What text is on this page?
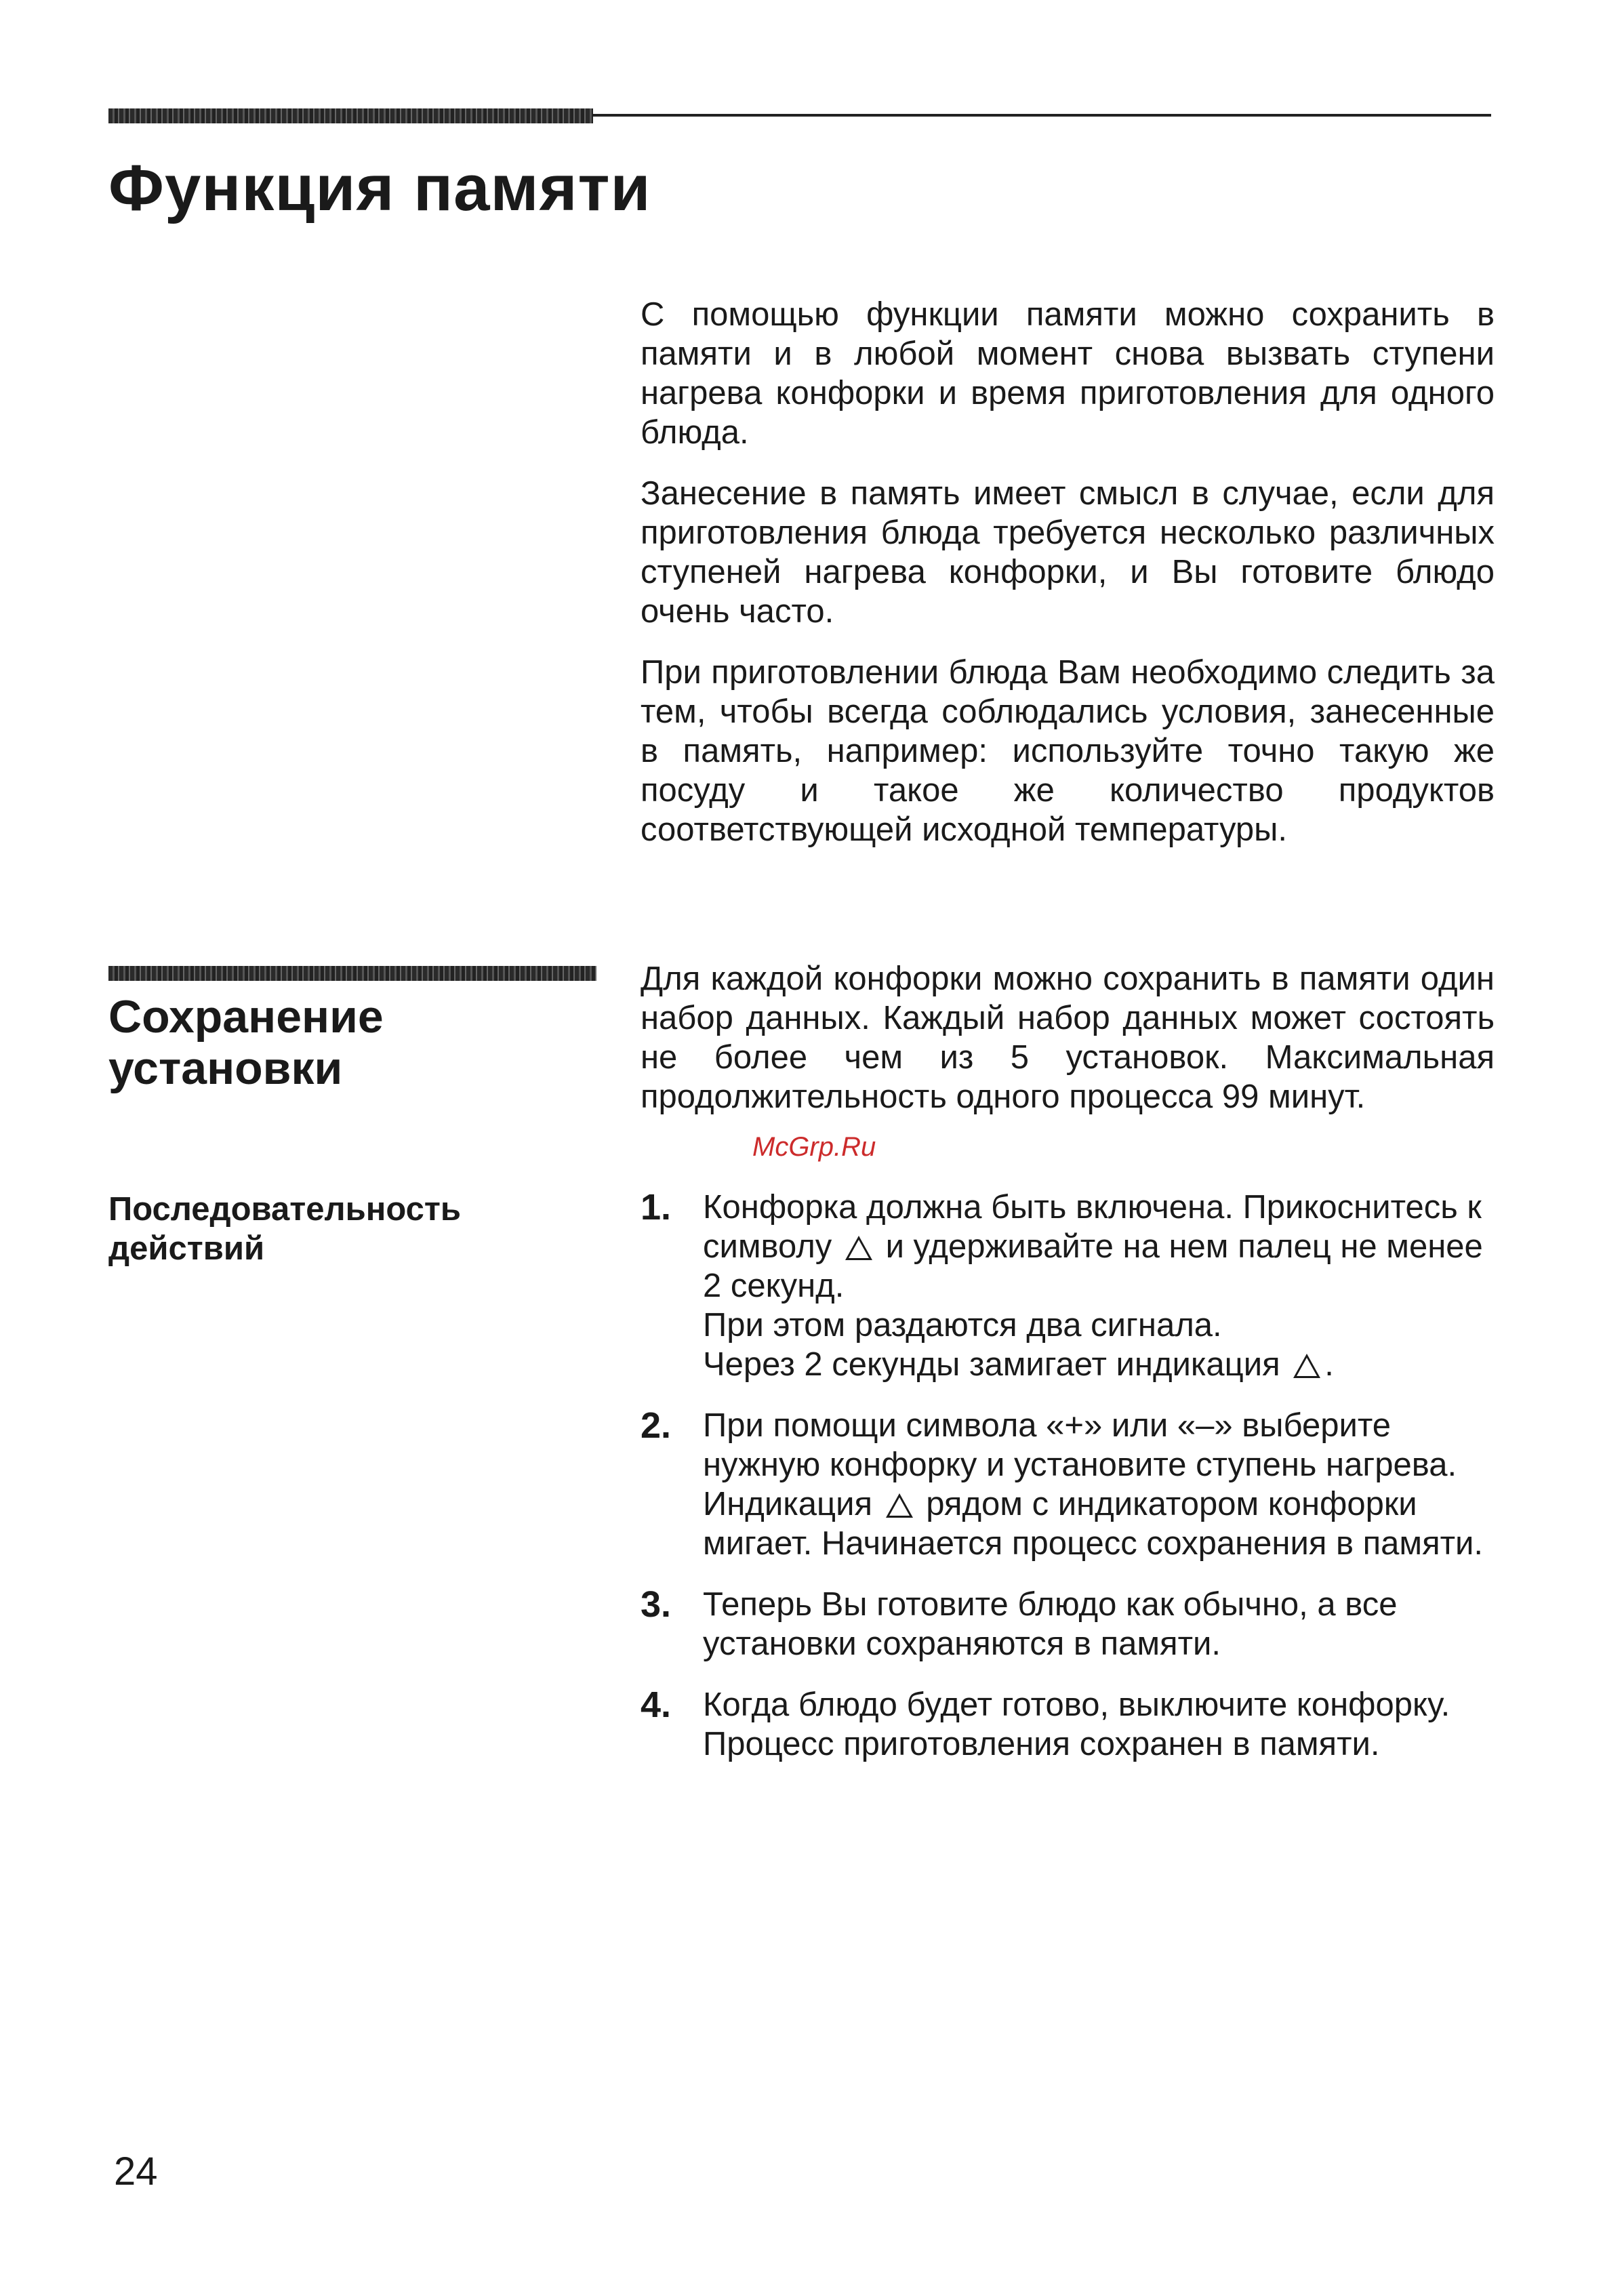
Функция памяти

С помощью функции памяти можно сохранить в памяти и в любой момент снова вызвать ступени нагрева конфорки и время приготовления для одного блюда.

Занесение в память имеет смысл в случае, если для приготовления блюда требуется несколько различных ступеней нагрева конфорки, и Вы готовите блюдо очень часто.

При приготовлении блюда Вам необходимо следить за тем, чтобы всегда соблюдались условия, занесенные в память, например: используйте точно такую же посуду и такое же количество продуктов соответствующей исходной температуры.

Сохранение
установки
Последовательность
действий

Для каждой конфорки можно сохранить в памяти один набор данных. Каждый набор данных может состоять не более чем из 5 установок. Максимальная продолжительность одного процесса 99 минут.

McGrp.Ru
1. Конфорка должна быть включена. Прикоснитесь к символу и удерживайте на нем палец не менее 2 секунд.
При этом раздаются два сигнала.
Через 2 секунды замигает индикация .
2. При помощи символа «+» или «–» выберите нужную конфорку и установите ступень нагрева. Индикация рядом с индикатором конфорки мигает. Начинается процесс сохранения в памяти.
3. Теперь Вы готовите блюдо как обычно, а все установки сохраняются в памяти.
4. Когда блюдо будет готово, выключите конфорку. Процесс приготовления сохранен в памяти.

24
